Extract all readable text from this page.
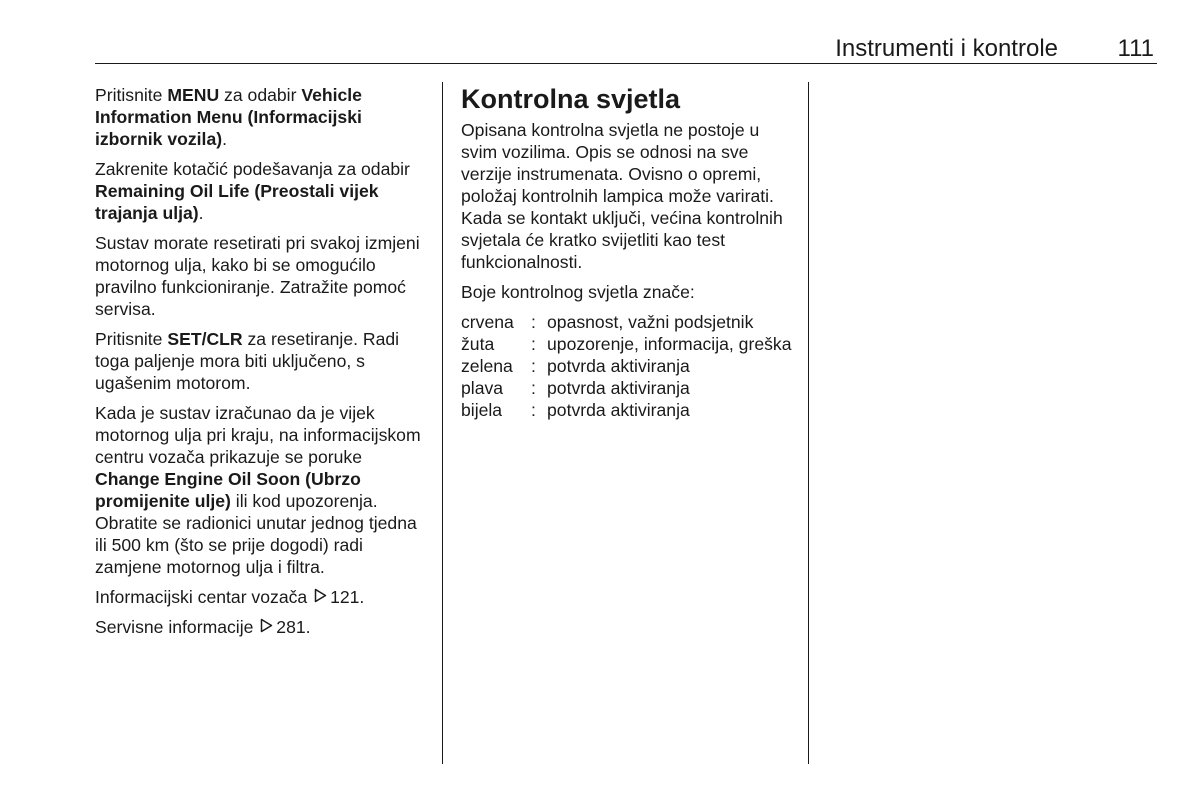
Instrumenti i kontrole 111

Pritisnite MENU za odabir Vehicle Information Menu (Informacijski izbornik vozila).

Zakrenite kotačić podešavanja za odabir Remaining Oil Life (Preostali vijek trajanja ulja).

Sustav morate resetirati pri svakoj izmjeni motornog ulja, kako bi se omogućilo pravilno funkcioniranje. Zatražite pomoć servisa.

Pritisnite SET/CLR za resetiranje. Radi toga paljenje mora biti uključeno, s ugašenim motorom.

Kada je sustav izračunao da je vijek motornog ulja pri kraju, na informacijskom centru vozača prikazuje se poruke Change Engine Oil Soon (Ubrzo promijenite ulje) ili kod upozorenja. Obratite se radionici unutar jednog tjedna ili 500 km (što se prije dogodi) radi zamjene motornog ulja i filtra.

Informacijski centar vozača 121.

Servisne informacije 281.

Kontrolna svjetla

Opisana kontrolna svjetla ne postoje u svim vozilima. Opis se odnosi na sve verzije instrumenata. Ovisno o opremi, položaj kontrolnih lampica može varirati. Kada se kontakt uključi, većina kontrolnih svjetala će kratko svijetliti kao test funkcionalnosti.

Boje kontrolnog svjetla znače:

crvena	:	opasnost, važni podsjetnik
žuta	:	upozorenje, informacija, greška
zelena	:	potvrda aktiviranja
plava	:	potvrda aktiviranja
bijela	:	potvrda aktiviranja
